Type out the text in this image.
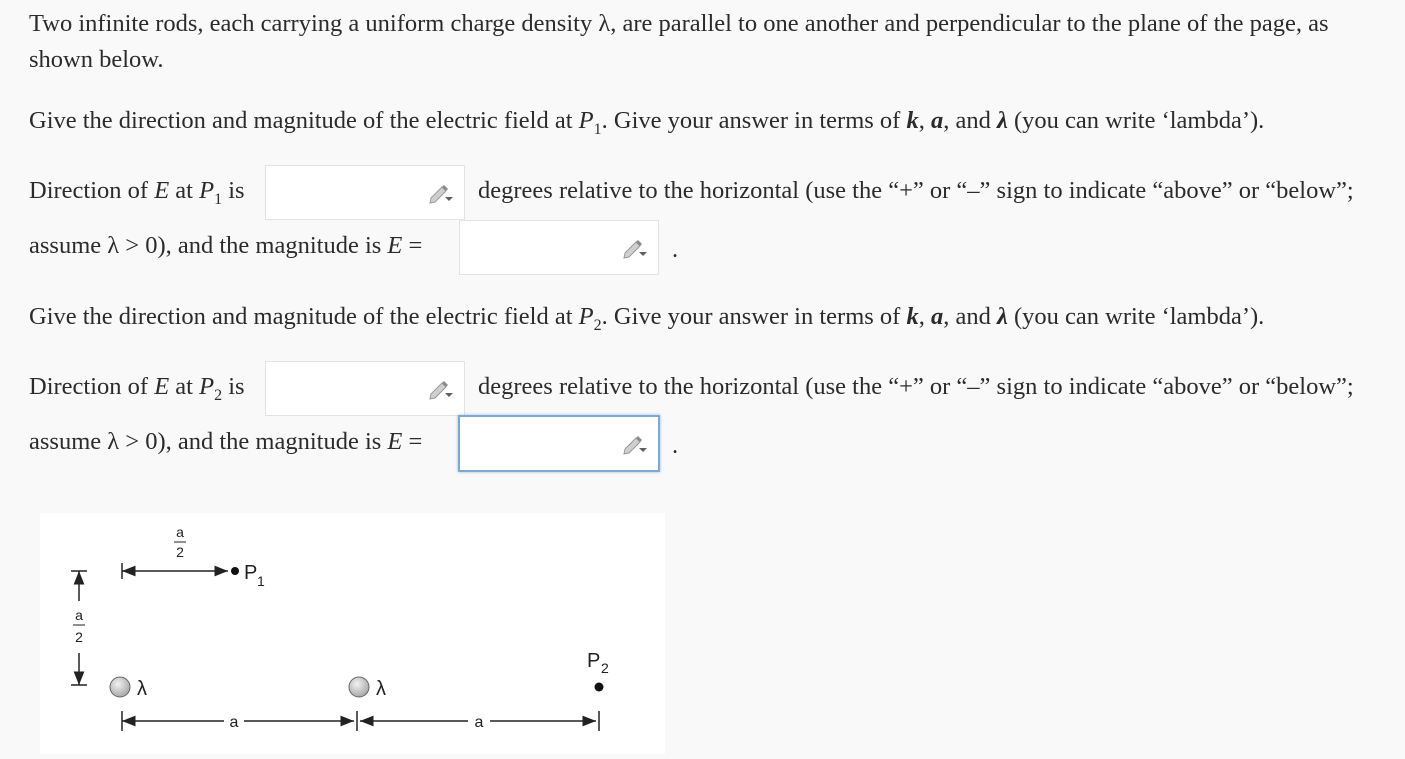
Two infinite rods, each carrying a uniform charge density λ, are parallel to one another and perpendicular to the plane of the page, as
shown below.
Give the direction and magnitude of the electric field at $P_1$. Give your answer in terms of k, a, and λ (you can write ‘lambda’).
Direction of E at $P_1$ is	degrees relative to the horizontal (use the “+” or “–” sign to indicate “above” or “below”;
assume λ > 0), and the magnitude is E =	.
Give the direction and magnitude of the electric field at $P_2$. Give your answer in terms of k, a, and λ (you can write ‘lambda’).
Direction of E at $P_2$ is	degrees relative to the horizontal (use the “+” or “–” sign to indicate “above” or “below”;
assume λ > 0), and the magnitude is E =	.
a
2
P 1
a
2
λ	λ
P 2
a	a
